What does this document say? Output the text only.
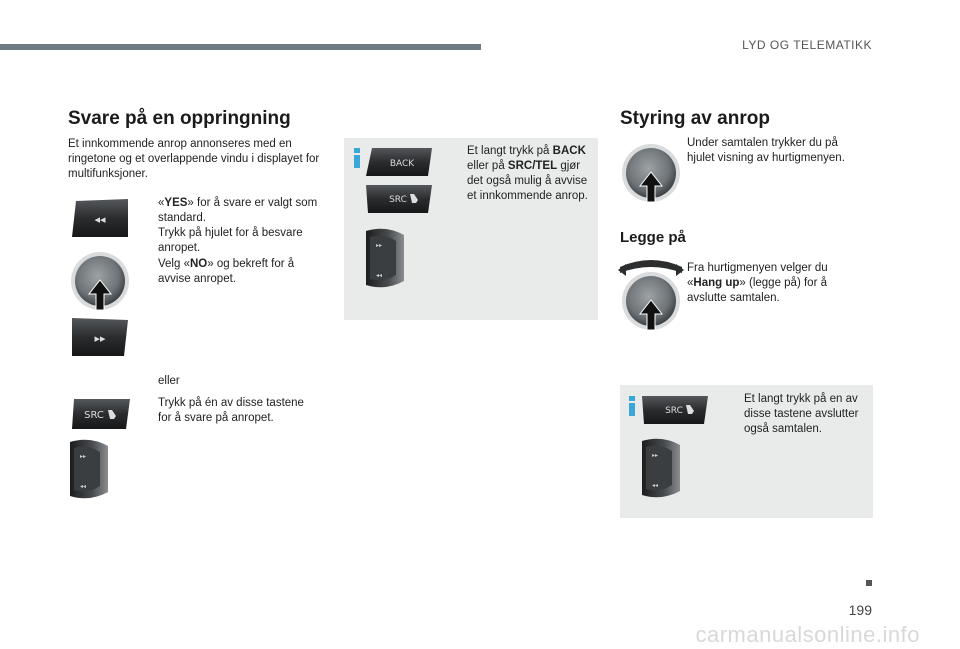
LYD OG TELEMATIKK
Svare på en oppringning
Et innkommende anrop annonseres med en ringetone og et overlappende vindu i displayet for multifunksjoner.
◂◂
▸▸
«YES» for å svare er valgt som standard.
Trykk på hjulet for å besvare anropet.
Velg «NO» og bekreft for å avvise anropet.
eller
SRC
Trykk på én av disse tastene for å svare på anropet.
▸▸
◂◂
BACK
SRC
▸▸
◂◂
Et langt trykk på BACK eller på SRC/TEL gjør det også mulig å avvise et innkommende anrop.
Styring av anrop
Under samtalen trykker du på hjulet visning av hurtigmenyen.
Legge på
Fra hurtigmenyen velger du «Hang up» (legge på) for å avslutte samtalen.
SRC
▸▸
◂◂
Et langt trykk på en av disse tastene avslutter også samtalen.
199
carmanualsonline.info
